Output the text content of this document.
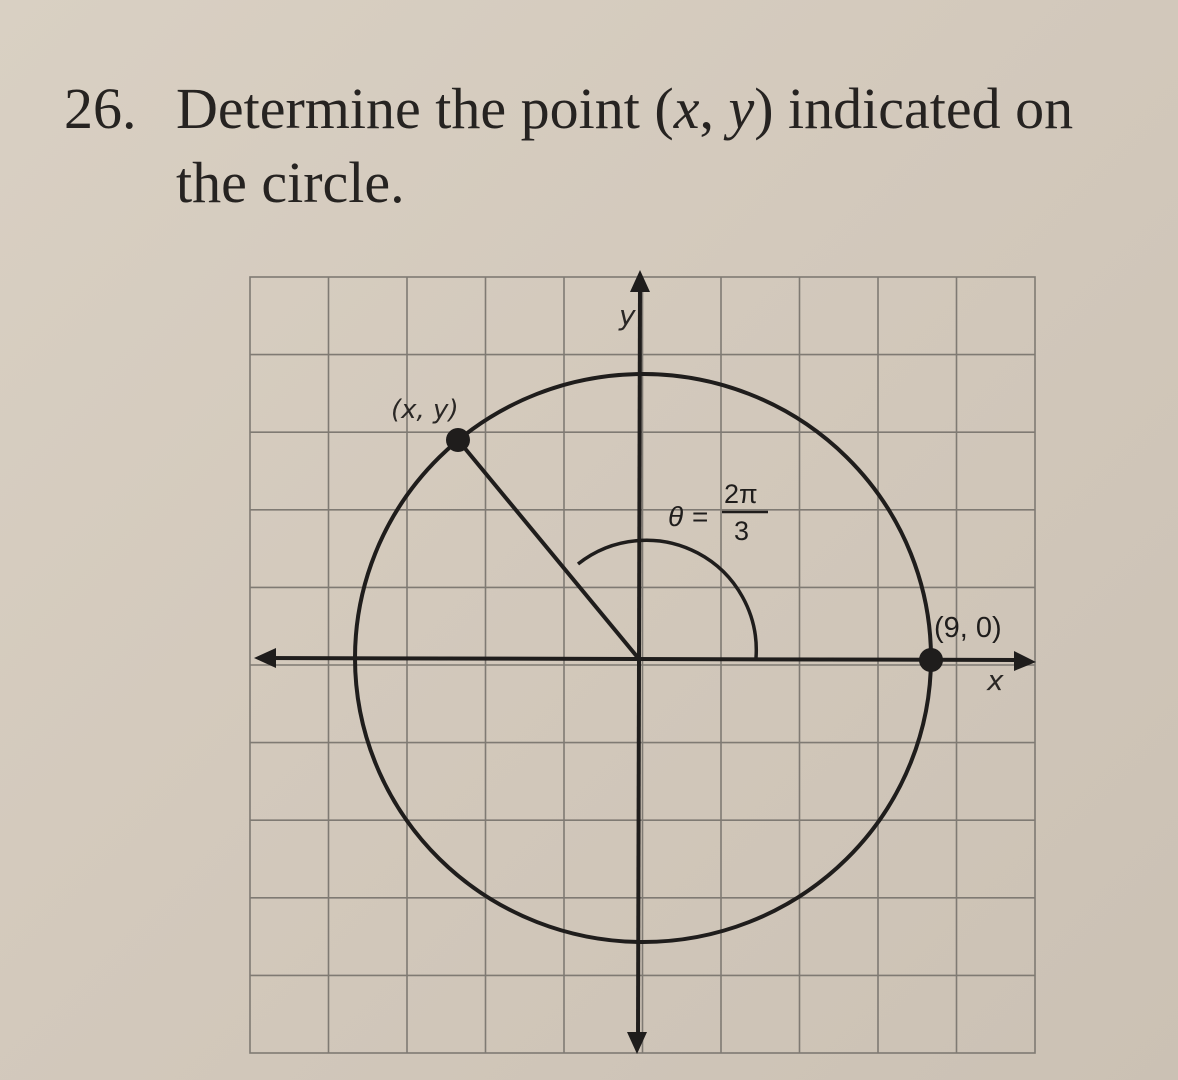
26. Determine the point (x, y) indicated on
the circle.
y
x
(x, y)
θ =
2π
3
(9, 0)
